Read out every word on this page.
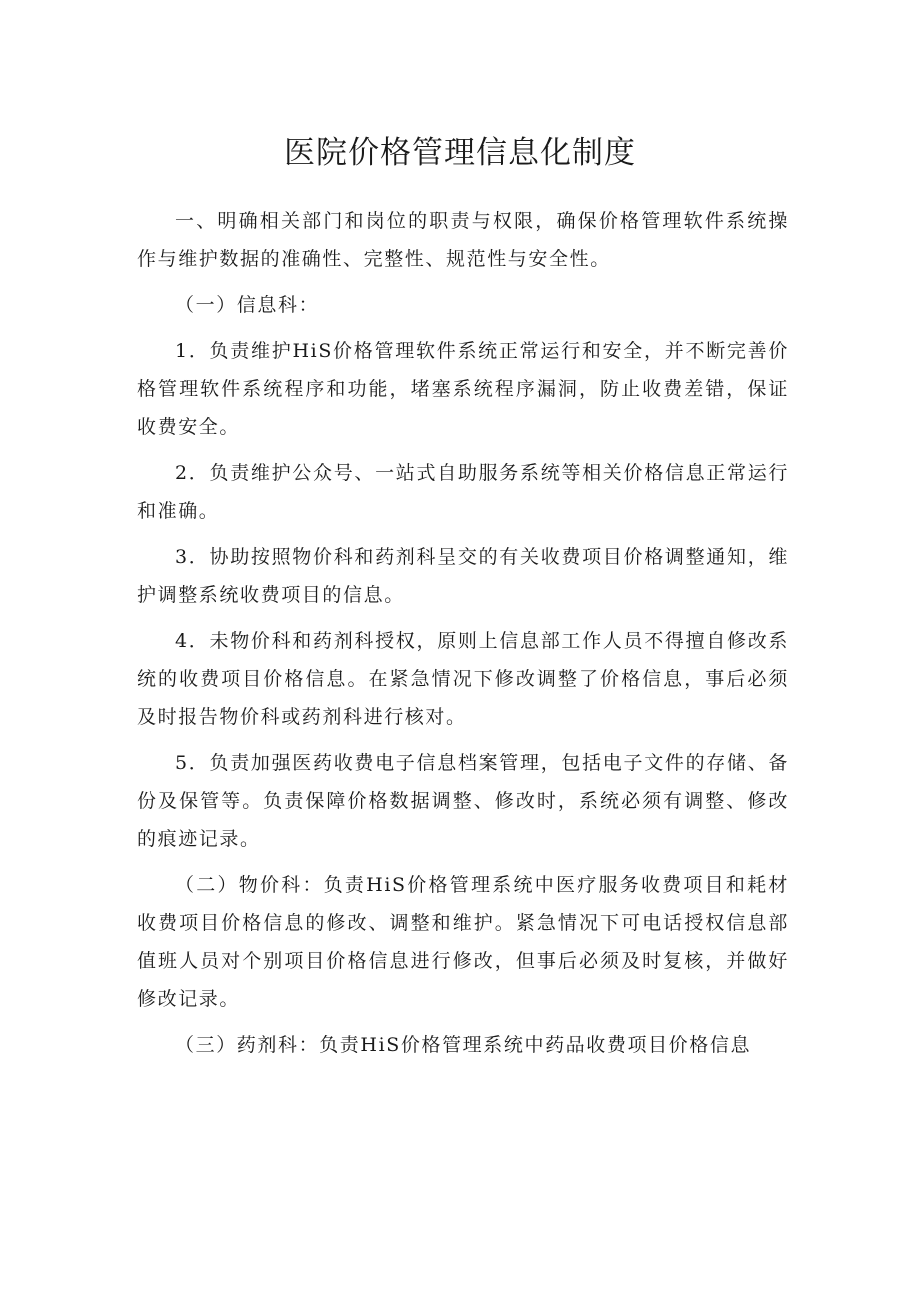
医院价格管理信息化制度

一、明确相关部门和岗位的职责与权限，确保价格管理软件系统操作与维护数据的准确性、完整性、规范性与安全性。

（一）信息科：

1．负责维护HiS价格管理软件系统正常运行和安全，并不断完善价格管理软件系统程序和功能，堵塞系统程序漏洞，防止收费差错，保证收费安全。

2．负责维护公众号、一站式自助服务系统等相关价格信息正常运行和准确。

3．协助按照物价科和药剂科呈交的有关收费项目价格调整通知，维护调整系统收费项目的信息。

4．未物价科和药剂科授权，原则上信息部工作人员不得擅自修改系统的收费项目价格信息。在紧急情况下修改调整了价格信息，事后必须及时报告物价科或药剂科进行核对。

5．负责加强医药收费电子信息档案管理，包括电子文件的存储、备份及保管等。负责保障价格数据调整、修改时，系统必须有调整、修改的痕迹记录。

（二）物价科：负责HiS价格管理系统中医疗服务收费项目和耗材收费项目价格信息的修改、调整和维护。紧急情况下可电话授权信息部值班人员对个别项目价格信息进行修改，但事后必须及时复核，并做好修改记录。

（三）药剂科：负责HiS价格管理系统中药品收费项目价格信息
